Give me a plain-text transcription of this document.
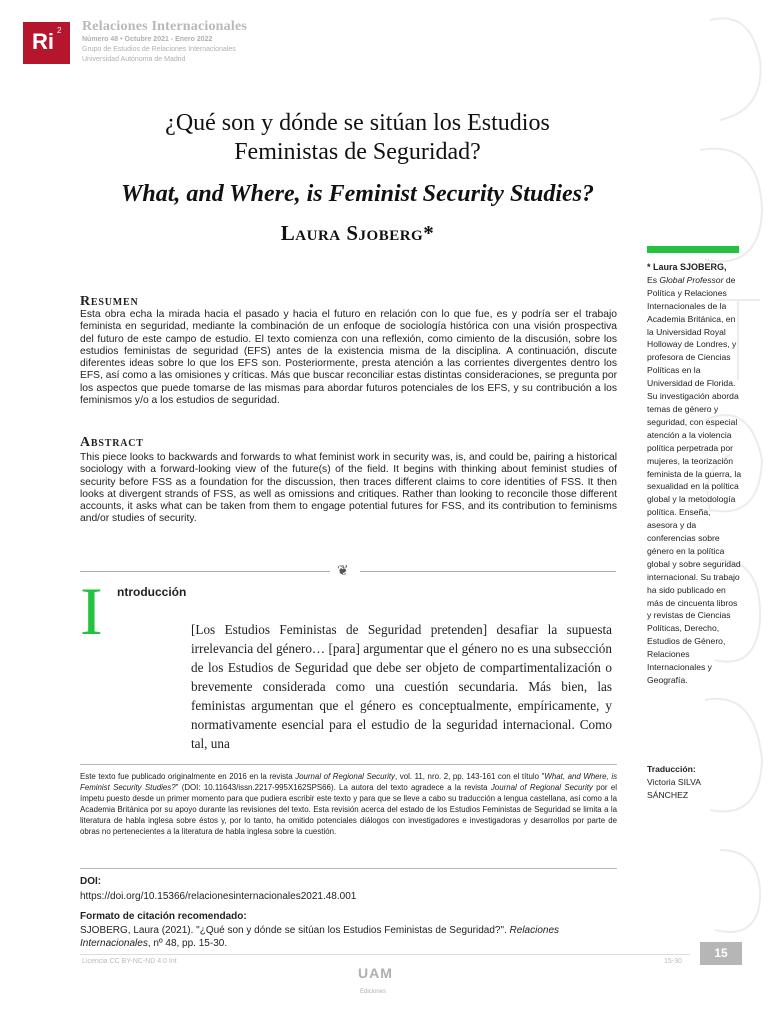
Ri 2 Relaciones Internacionales
Número 48 • Octubre 2021 - Enero 2022
Grupo de Estudios de Relaciones Internacionales
Universidad Autónoma de Madrid
¿Qué son y dónde se sitúan los Estudios
Feministas de Seguridad?
What, and Where, is Feminist Security Studies?
Laura Sjoberg*
* Laura SJOBERG,
Es Global Professor de Política y Relaciones Internacionales de la Academia Británica, en la Universidad Royal Holloway de Londres, y profesora de Ciencias Políticas en la Universidad de Florida. Su investigación aborda temas de género y seguridad, con especial atención a la violencia política perpetrada por mujeres, la teorización feminista de la guerra, la sexualidad en la política global y la metodología política. Enseña, asesora y da conferencias sobre género en la política global y sobre seguridad internacional. Su trabajo ha sido publicado en más de cincuenta libros y revistas de Ciencias Políticas, Derecho, Estudios de Género, Relaciones Internacionales y Geografía.
Traducción:
Victoria SILVA SÁNCHEZ
Resumen
Esta obra echa la mirada hacia el pasado y hacia el futuro en relación con lo que fue, es y podría ser el trabajo feminista en seguridad, mediante la combinación de un enfoque de sociología histórica con una visión prospectiva del futuro de este campo de estudio. El texto comienza con una reflexión, como cimiento de la discusión, sobre los estudios feministas de seguridad (EFS) antes de la existencia misma de la disciplina. A continuación, discute diferentes ideas sobre lo que los EFS son. Posteriormente, presta atención a las corrientes divergentes dentro los EFS, así como a las omisiones y críticas. Más que buscar reconciliar estas distintas consideraciones, se pregunta por los aspectos que puede tomarse de las mismas para abordar futuros potenciales de los EFS, y su contribución a los feminismos y/o a los estudios de seguridad.
Abstract
This piece looks to backwards and forwards to what feminist work in security was, is, and could be, pairing a historical sociology with a forward-looking view of the future(s) of the field. It begins with thinking about feminist studies of security before FSS as a foundation for the discussion, then traces different claims to core identities of FSS. It then looks at divergent strands of FSS, as well as omissions and critiques. Rather than looking to reconcile those different accounts, it asks what can be taken from them to engage potential futures for FSS, and its contribution to feminisms and/or studies of security.
❦
I ntroducción
[Los Estudios Feministas de Seguridad pretenden] desafiar la supuesta irrelevancia del género… [para] argumentar que el género no es una subsección de los Estudios de Seguridad que debe ser objeto de compartimentalización o brevemente considerada como una cuestión secundaria. Más bien, las feministas argumentan que el género es conceptualmente, empíricamente, y normativamente esencial para el estudio de la seguridad internacional. Como tal, una
Este texto fue publicado originalmente en 2016 en la revista Journal of Regional Security, vol. 11, nro. 2, pp. 143-161 con el título "What, and Where, is Feminist Security Studies?" (DOI: 10.11643/issn.2217-995X162SPS66). La autora del texto agradece a la revista Journal of Regional Security por el ímpetu puesto desde un primer momento para que pudiera escribir este texto y para que se lleve a cabo su traducción a lengua castellana, así como a la Academia Británica por su apoyo durante las revisiones del texto. Esta revisión acerca del estado de los Estudios Feministas de Seguridad se limita a la literatura de habla inglesa sobre éstos y, por lo tanto, ha omitido potenciales diálogos con investigadores e investigadoras y desarrollos por parte de obras no pertenecientes a la literatura de habla inglesa sobre la cuestión.
DOI:
https://doi.org/10.15366/relacionesinternacionales2021.48.001
Formato de citación recomendado:
SJOBERG, Laura (2021). "¿Qué son y dónde se sitúan los Estudios Feministas de Seguridad?". Relaciones Internacionales, nº 48, pp. 15-30.
Licencia CC BY-NC-ND 4.0 Int	15-30
15
UAM
Ediciones
